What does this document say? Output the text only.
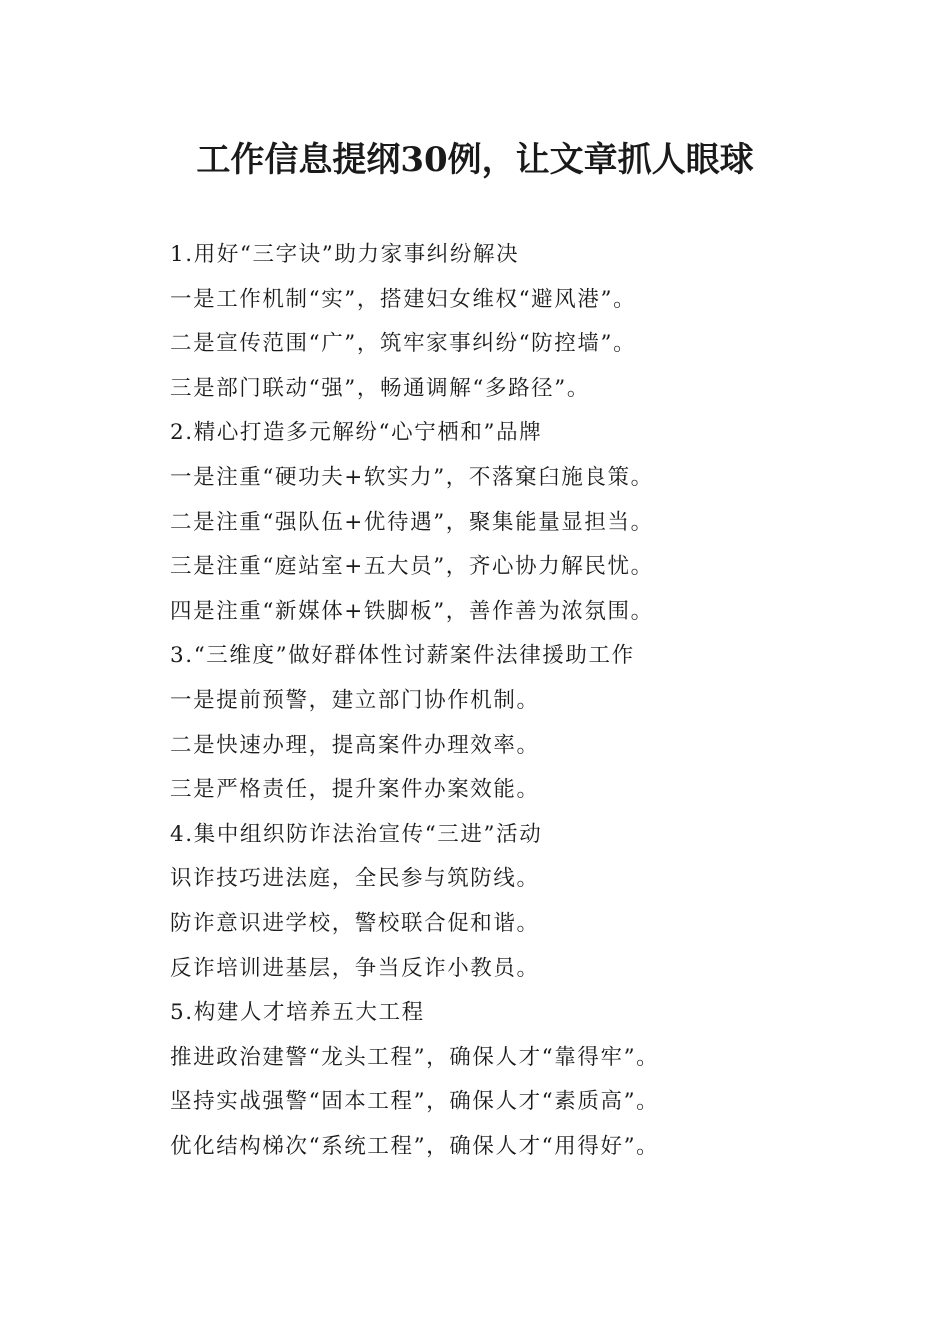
工作信息提纲30例，让文章抓人眼球
1.用好“三字诀”助力家事纠纷解决
一是工作机制“实”，搭建妇女维权“避风港”。
二是宣传范围“广”，筑牢家事纠纷“防控墙”。
三是部门联动“强”，畅通调解“多路径”。
2.精心打造多元解纷“心宁栖和”品牌
一是注重“硬功夫+软实力”，不落窠臼施良策。
二是注重“强队伍+优待遇”，聚集能量显担当。
三是注重“庭站室+五大员”，齐心协力解民忧。
四是注重“新媒体+铁脚板”，善作善为浓氛围。
3.“三维度”做好群体性讨薪案件法律援助工作
一是提前预警，建立部门协作机制。
二是快速办理，提高案件办理效率。
三是严格责任，提升案件办案效能。
4.集中组织防诈法治宣传“三进”活动
识诈技巧进法庭，全民参与筑防线。
防诈意识进学校，警校联合促和谐。
反诈培训进基层，争当反诈小教员。
5.构建人才培养五大工程
推进政治建警“龙头工程”，确保人才“靠得牢”。
坚持实战强警“固本工程”，确保人才“素质高”。
优化结构梯次“系统工程”，确保人才“用得好”。
